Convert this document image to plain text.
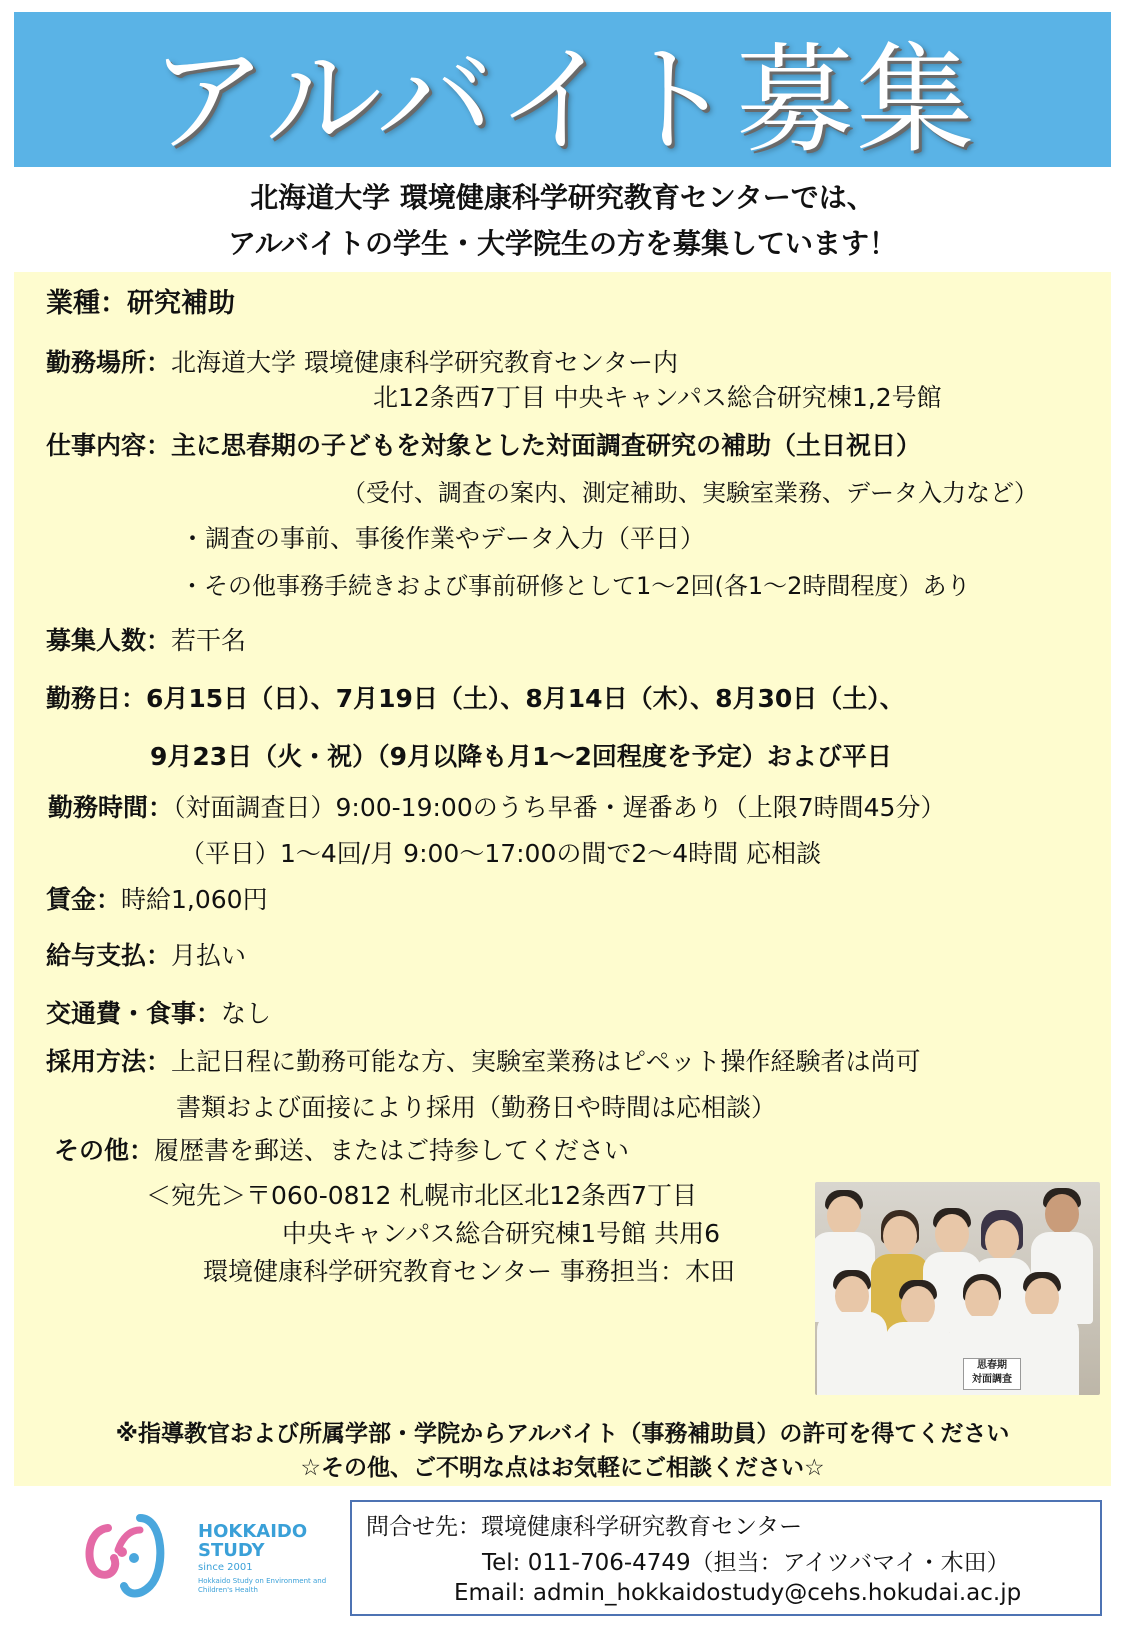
アルバイト募集
北海道大学 環境健康科学研究教育センターでは、
アルバイトの学生・大学院生の方を募集しています！
業種：研究補助
勤務場所：北海道大学 環境健康科学研究教育センター内
北12条西7丁目 中央キャンパス総合研究棟1,2号館
仕事内容：主に思春期の子どもを対象とした対面調査研究の補助（土日祝日）
（受付、調査の案内、測定補助、実験室業務、データ入力など）
・調査の事前、事後作業やデータ入力（平日）
・その他事務手続きおよび事前研修として1～2回(各1～2時間程度）あり
募集人数：若干名
勤務日：6月15日（日）、7月19日（土）、8月14日（木）、8月30日（土）、
9月23日（火・祝）（9月以降も月1～2回程度を予定）および平日
勤務時間：（対面調査日）9:00-19:00のうち早番・遅番あり（上限7時間45分）
（平日）1～4回/月 9:00～17:00の間で2～4時間 応相談
賃金：時給1,060円
給与支払：月払い
交通費・食事：なし
採用方法：上記日程に勤務可能な方、実験室業務はピペット操作経験者は尚可
書類および面接により採用（勤務日や時間は応相談）
その他：履歴書を郵送、またはご持参してください
＜宛先＞〒060-0812 札幌市北区北12条西7丁目
中央キャンパス総合研究棟1号館 共用6
環境健康科学研究教育センター 事務担当：木田
思春期
対面調査
※指導教官および所属学部・学院からアルバイト（事務補助員）の許可を得てください
☆その他、ご不明な点はお気軽にご相談ください☆
HOKKAIDO STUDY
since 2001
Hokkaido Study on Environment and Children's Health
問合せ先：環境健康科学研究教育センター
Tel: 011-706-4749（担当：アイツバマイ・木田）
Email: admin_hokkaidostudy@cehs.hokudai.ac.jp
